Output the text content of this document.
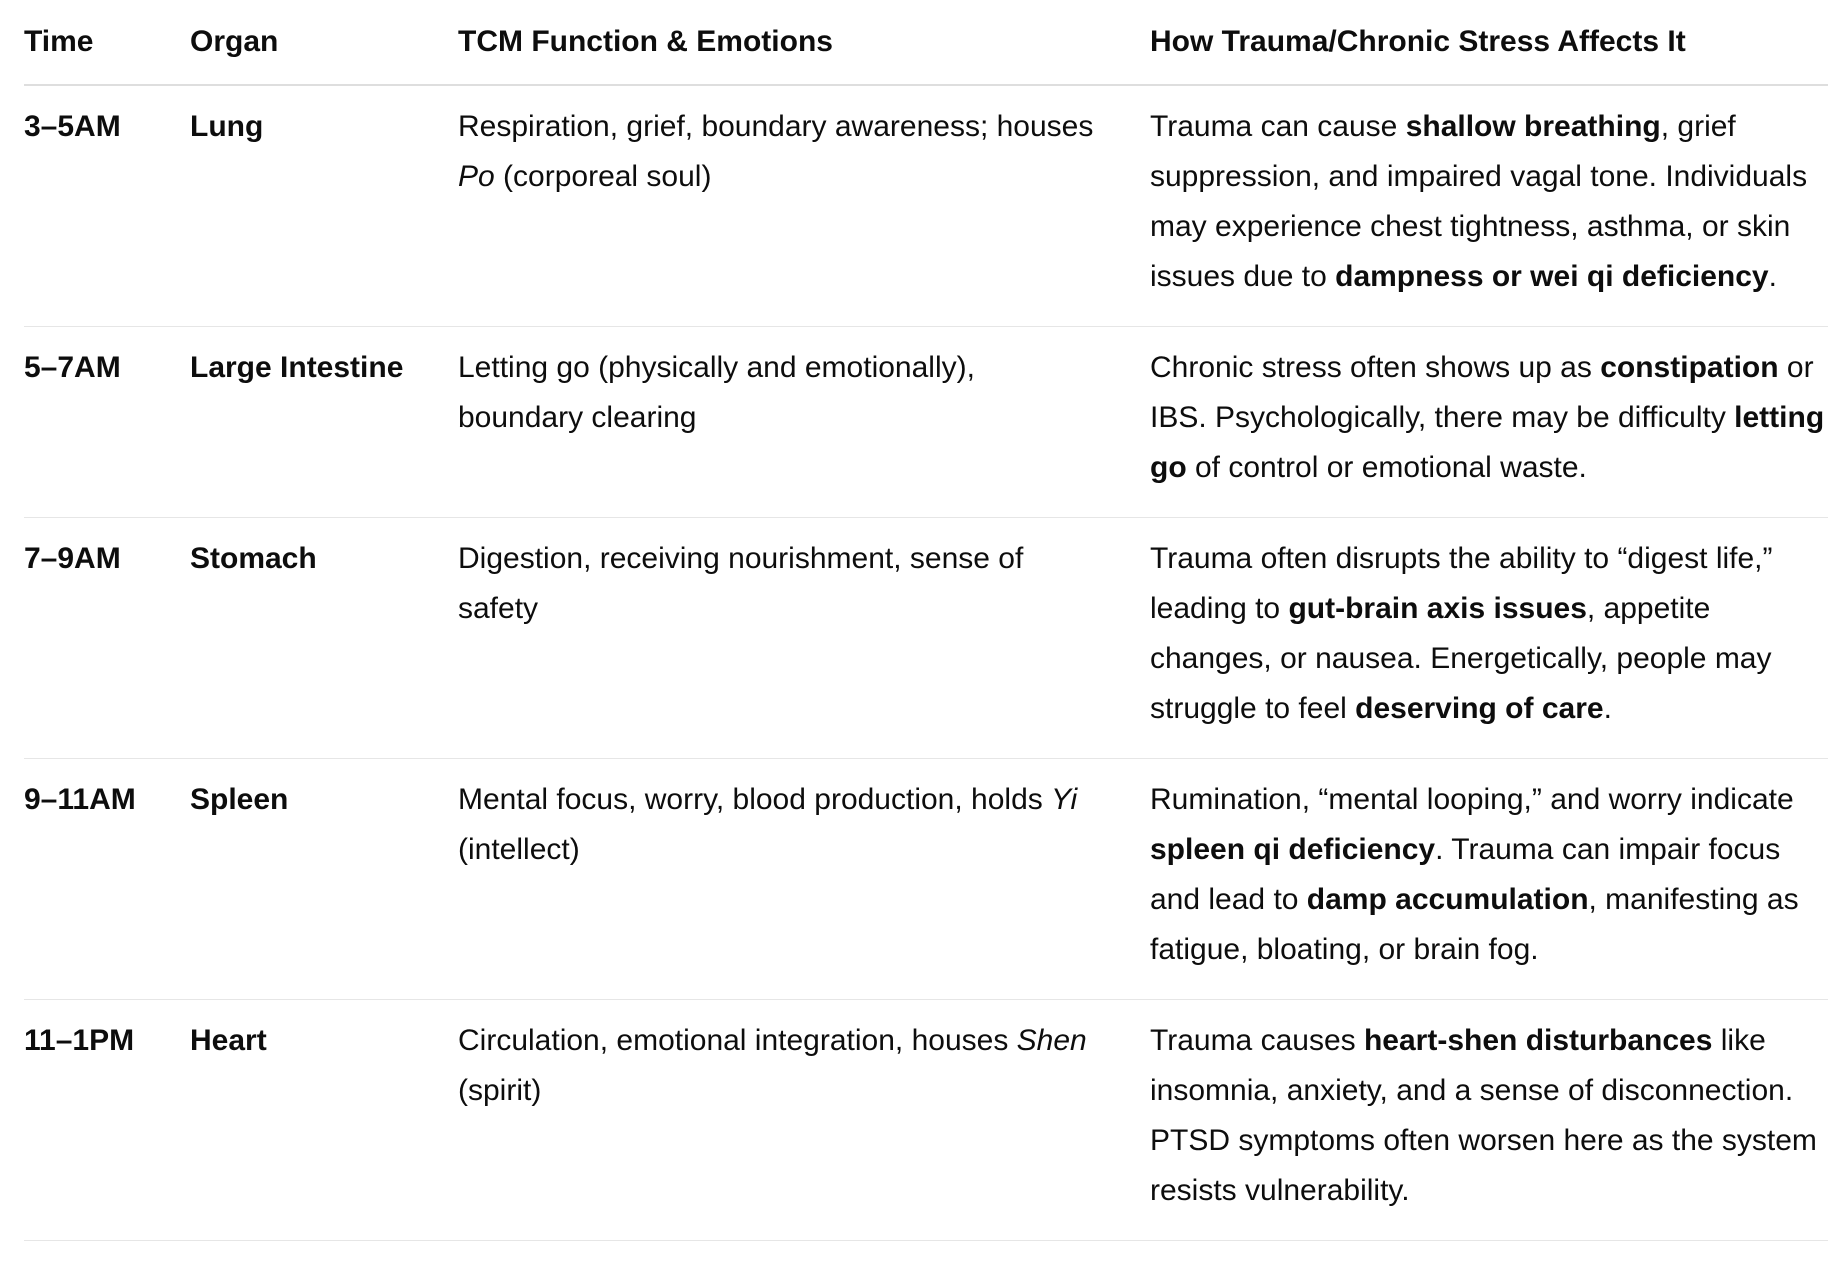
Time	Organ	TCM Function & Emotions	How Trauma/Chronic Stress Affects It
3–5AM	Lung	Respiration, grief, boundary awareness; houses Po (corporeal soul)	Trauma can cause shallow breathing, grief suppression, and impaired vagal tone. Individuals may experience chest tightness, asthma, or skin issues due to dampness or wei qi deficiency.
5–7AM	Large Intestine	Letting go (physically and emotionally), boundary clearing	Chronic stress often shows up as constipation or IBS. Psychologically, there may be difficulty letting go of control or emotional waste.
7–9AM	Stomach	Digestion, receiving nourishment, sense of safety	Trauma often disrupts the ability to “digest life,” leading to gut-brain axis issues, appetite changes, or nausea. Energetically, people may struggle to feel deserving of care.
9–11AM	Spleen	Mental focus, worry, blood production, holds Yi (intellect)	Rumination, “mental looping,” and worry indicate spleen qi deficiency. Trauma can impair focus and lead to damp accumulation, manifesting as fatigue, bloating, or brain fog.
11–1PM	Heart	Circulation, emotional integration, houses Shen (spirit)	Trauma causes heart-shen disturbances like insomnia, anxiety, and a sense of disconnection. PTSD symptoms often worsen here as the system resists vulnerability.
